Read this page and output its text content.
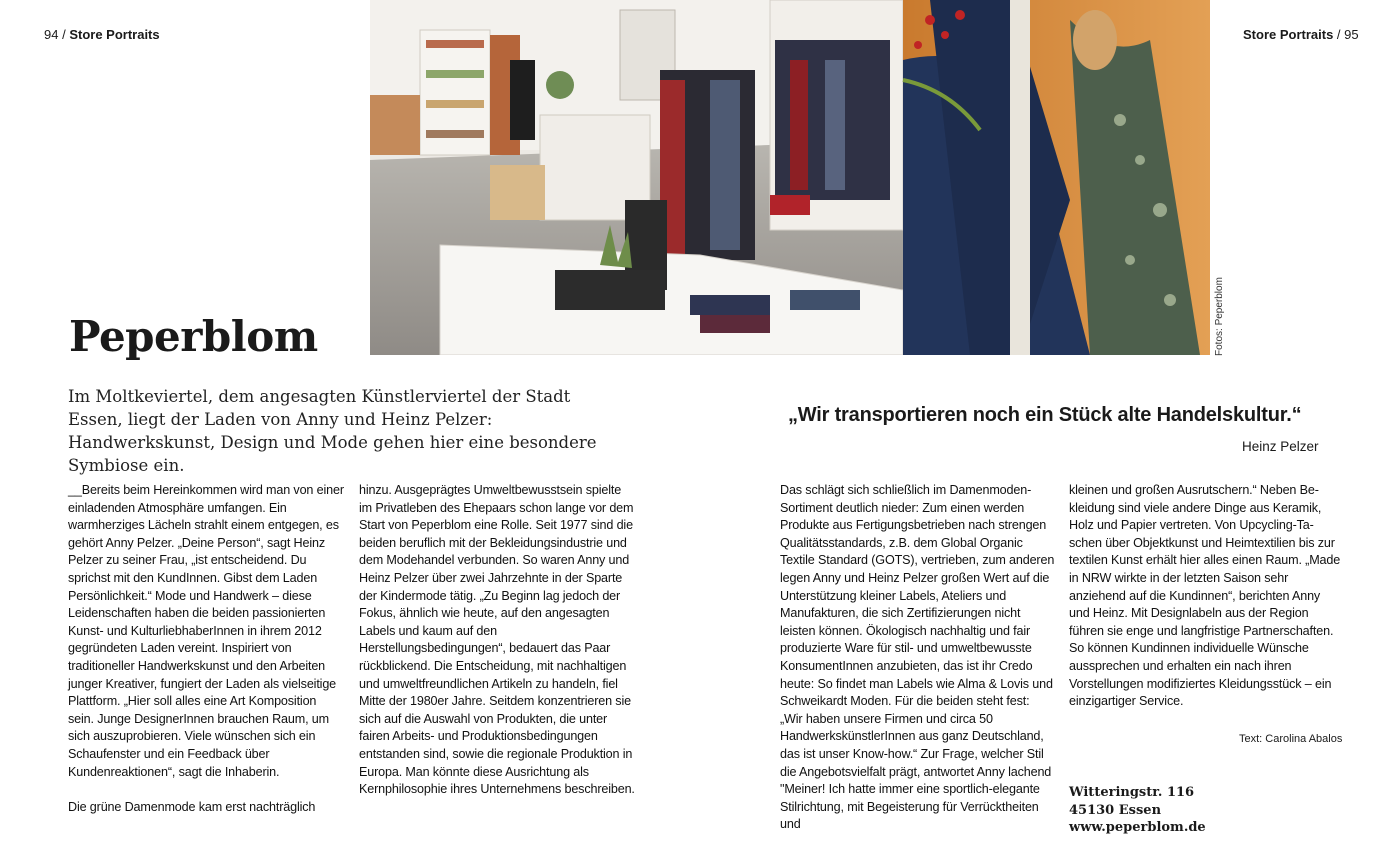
94 / Store Portraits	Store Portraits / 95
Fotos: Peperblom
Peperblom

Im Moltkeviertel, dem angesagten Künstlerviertel der Stadt Essen, liegt der Laden von Anny und Heinz Pelzer: Handwerkskunst, Design und Mode gehen hier eine besondere Symbiose ein.

„Wir transportieren noch ein Stück alte Handelskultur.“

Heinz Pelzer

__Bereits beim Hereinkommen wird man von einer einladenden Atmosphäre umfangen. Ein warmherziges Lächeln strahlt einem entgegen, es gehört Anny Pelzer. „Deine Person“, sagt Heinz Pelzer zu seiner Frau, „ist entscheidend. Du sprichst mit den KundInnen. Gibst dem Laden Persönlichkeit.“ Mode und Handwerk – diese Leidenschaften haben die beiden passionierten Kunst- und KulturliebhaberInnen in ihrem 2012 gegründeten Laden vereint. Inspiriert von traditioneller Handwerkskunst und den Arbeiten junger Kreativer, fungiert der Laden als vielseitige Plattform. „Hier soll alles eine Art Komposition sein. Junge DesignerInnen brauchen Raum, um sich auszuprobieren. Viele wünschen sich ein Schaufenster und ein Feedback über Kundenreaktionen“, sagt die Inhaberin.

Die grüne Damenmode kam erst nachträglich

hinzu. Ausgeprägtes Umweltbewusstsein spielte im Privatleben des Ehepaars schon lange vor dem Start von Peperblom eine Rolle. Seit 1977 sind die beiden beruflich mit der Bekleidungsindustrie und dem Modehandel verbunden. So waren Anny und Heinz Pelzer über zwei Jahrzehnte in der Sparte der Kindermode tätig. „Zu Beginn lag jedoch der Fokus, ähnlich wie heute, auf den angesagten Labels und kaum auf den Herstellungsbedingungen“, bedauert das Paar rückblickend. Die Entscheidung, mit nachhaltigen und umweltfreundlichen Artikeln zu handeln, fiel Mitte der 1980er Jahre. Seitdem konzentrieren sie sich auf die Auswahl von Produkten, die unter fairen Arbeits- und Produktionsbedingungen entstanden sind, sowie die regionale Produktion in Europa. Man könnte diese Ausrichtung als Kernphilosophie ihres Unternehmens beschreiben.

Das schlägt sich schließlich im Damenmoden-Sortiment deutlich nieder: Zum einen werden Produkte aus Fertigungsbetrieben nach strengen Qualitätsstandards, z.B. dem Global Organic Textile Standard (GOTS), vertrieben, zum anderen legen Anny und Heinz Pelzer großen Wert auf die Unterstützung kleiner Labels, Ateliers und Manufakturen, die sich Zertifizierungen nicht leisten können. Ökologisch nachhaltig und fair produzierte Ware für stil- und umweltbewusste KonsumentInnen anzubieten, das ist ihr Credo heute: So findet man Labels wie Alma & Lovis und Schweikardt Moden. Für die beiden steht fest: „Wir haben unsere Firmen und circa 50 HandwerkskünstlerInnen aus ganz Deutschland, das ist unser Know-how.“ Zur Frage, welcher Stil die Angebotsvielfalt prägt, antwortet Anny lachend "Meiner! Ich hatte immer eine sportlich-elegante Stilrichtung, mit Begeisterung für Verrücktheiten und

kleinen und großen Ausrutschern.“ Neben Bekleidung sind viele andere Dinge aus Keramik, Holz und Papier vertreten. Von Upcycling-Taschen über Objektkunst und Heimtextilien bis zur textilen Kunst erhält hier alles einen Raum. „Made in NRW wirkte in der letzten Saison sehr anziehend auf die Kundinnen“, berichten Anny und Heinz. Mit Designlabeln aus der Region führen sie enge und langfristige Partnerschaften. So können Kundinnen individuelle Wünsche aussprechen und erhalten ein nach ihren Vorstellungen modifiziertes Kleidungsstück – ein einzigartiger Service.

Text: Carolina Abalos
Witteringstr. 116
45130 Essen
www.peperblom.de
